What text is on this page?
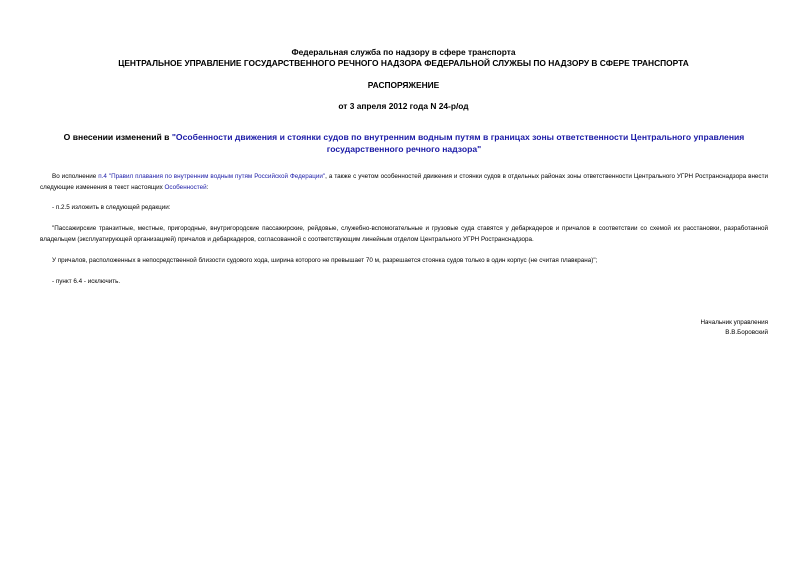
Федеральная служба по надзору в сфере транспорта
ЦЕНТРАЛЬНОЕ УПРАВЛЕНИЕ ГОСУДАРСТВЕННОГО РЕЧНОГО НАДЗОРА ФЕДЕРАЛЬНОЙ СЛУЖБЫ ПО НАДЗОРУ В СФЕРЕ ТРАНСПОРТА
РАСПОРЯЖЕНИЕ
от 3 апреля 2012 года N 24-р/од
О внесении изменений в "Особенности движения и стоянки судов по внутренним водным путям в границах зоны ответственности Центрального управления государственного речного надзора"
Во исполнение п.4 "Правил плавания по внутренним водным путям Российской Федерации", а также с учетом особенностей движения и стоянки судов в отдельных районах зоны ответственности Центрального УГРН Ространснадзора внести следующие изменения в текст настоящих Особенностей:
- п.2.5 изложить в следующей редакции:
"Пассажирские транзитные, местные, пригородные, внутригородские пассажирские, рейдовые, служебно-вспомогательные и грузовые суда ставятся у дебаркадеров и причалов в соответствии со схемой их расстановки, разработанной владельцем (эксплуатирующей организацией) причалов и дебаркадеров, согласованной с соответствующим линейным отделом Центрального УГРН Ространснадзора.
У причалов, расположенных в непосредственной близости судового хода, ширина которого не превышает 70 м, разрешается стоянка судов только в один корпус (не считая плавкрана)";
- пункт 6.4 - исключить.
Начальник управления
В.В.Боровский
